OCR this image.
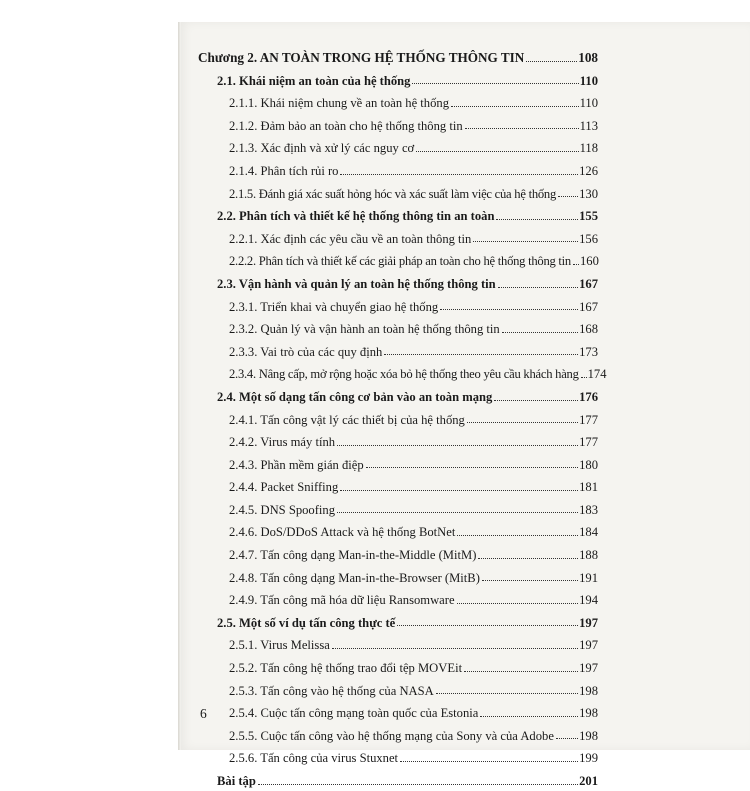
Chương 2. AN TOÀN TRONG HỆ THỐNG THÔNG TIN	108
2.1. Khái niệm an toàn của hệ thống	110
2.1.1. Khái niệm chung về an toàn hệ thống	110
2.1.2. Đảm bảo an toàn cho hệ thống thông tin	113
2.1.3. Xác định và xử lý các nguy cơ	118
2.1.4. Phân tích rủi ro	126
2.1.5. Đánh giá xác suất hỏng hóc và xác suất làm việc của hệ thống 130
2.2. Phân tích và thiết kế hệ thống thông tin an toàn	155
2.2.1. Xác định các yêu cầu về an toàn thông tin	156
2.2.2. Phân tích và thiết kế các giải pháp an toàn cho hệ thống thông tin 160
2.3. Vận hành và quản lý an toàn hệ thống thông tin	167
2.3.1. Triển khai và chuyển giao hệ thống	167
2.3.2. Quản lý và vận hành an toàn hệ thống thông tin	168
2.3.3. Vai trò của các quy định	173
2.3.4. Nâng cấp, mở rộng hoặc xóa bỏ hệ thống theo yêu cầu khách hàng 174
2.4. Một số dạng tấn công cơ bản vào an toàn mạng	176
2.4.1. Tấn công vật lý các thiết bị của hệ thống	177
2.4.2. Virus máy tính	177
2.4.3. Phần mềm gián điệp	180
2.4.4. Packet Sniffing	181
2.4.5. DNS Spoofing	183
2.4.6. DoS/DDoS Attack và hệ thống BotNet	184
2.4.7. Tấn công dạng Man-in-the-Middle (MitM)	188
2.4.8. Tấn công dạng Man-in-the-Browser (MitB)	191
2.4.9. Tấn công mã hóa dữ liệu Ransomware	194
2.5. Một số ví dụ tấn công thực tế	197
2.5.1. Virus Melissa	197
2.5.2. Tấn công hệ thống trao đổi tệp MOVEit	197
2.5.3. Tấn công vào hệ thống của NASA	198
2.5.4. Cuộc tấn công mạng toàn quốc của Estonia	198
2.5.5. Cuộc tấn công vào hệ thống mạng của Sony và của Adobe 198
2.5.6. Tấn công của virus Stuxnet	199
Bài tập	201
6
